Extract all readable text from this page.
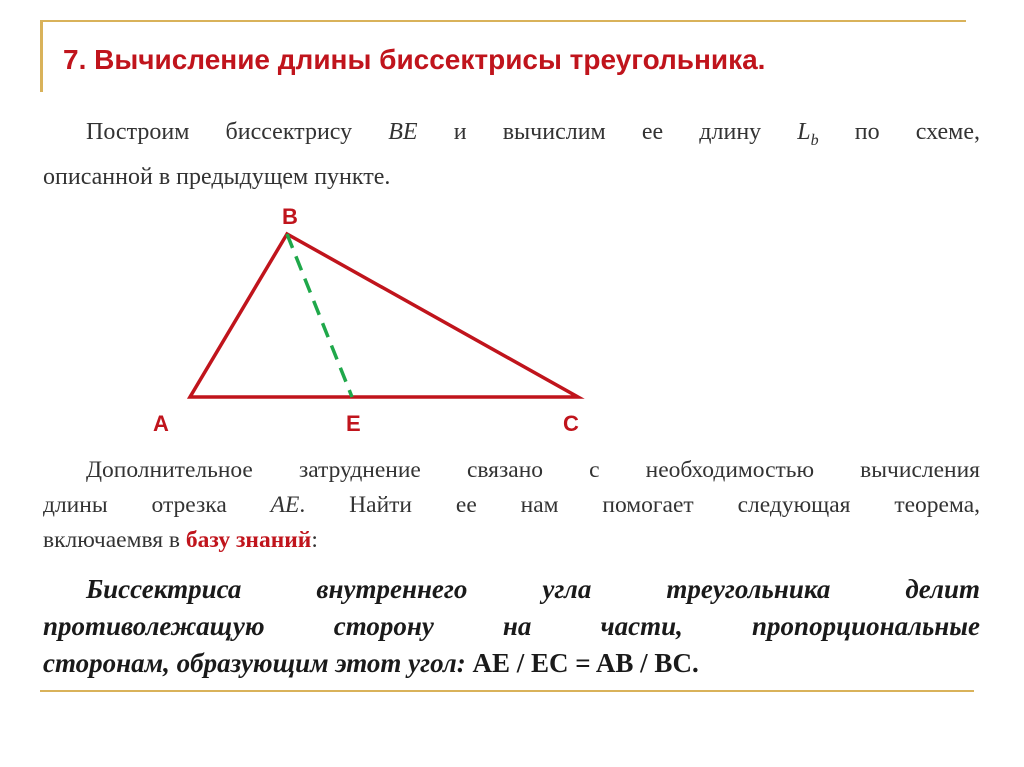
7. Вычисление длины биссектрисы треугольника.

Построим биссектрису BE и вычислим ее длину $L_b$ по схеме,
описанной в предыдущем пункте.

B
A	E	C

Дополнительное затруднение связано с необходимостью вычисления
длины отрезка AE. Найти ее нам помогает следующая теорема,
включаемвя в базу знаний:

Биссектриса внутреннего угла треугольника делит
противолежащую сторону на части, пропорциональные
сторонам, образующим этот угол: AE / EC = AB / BC.
